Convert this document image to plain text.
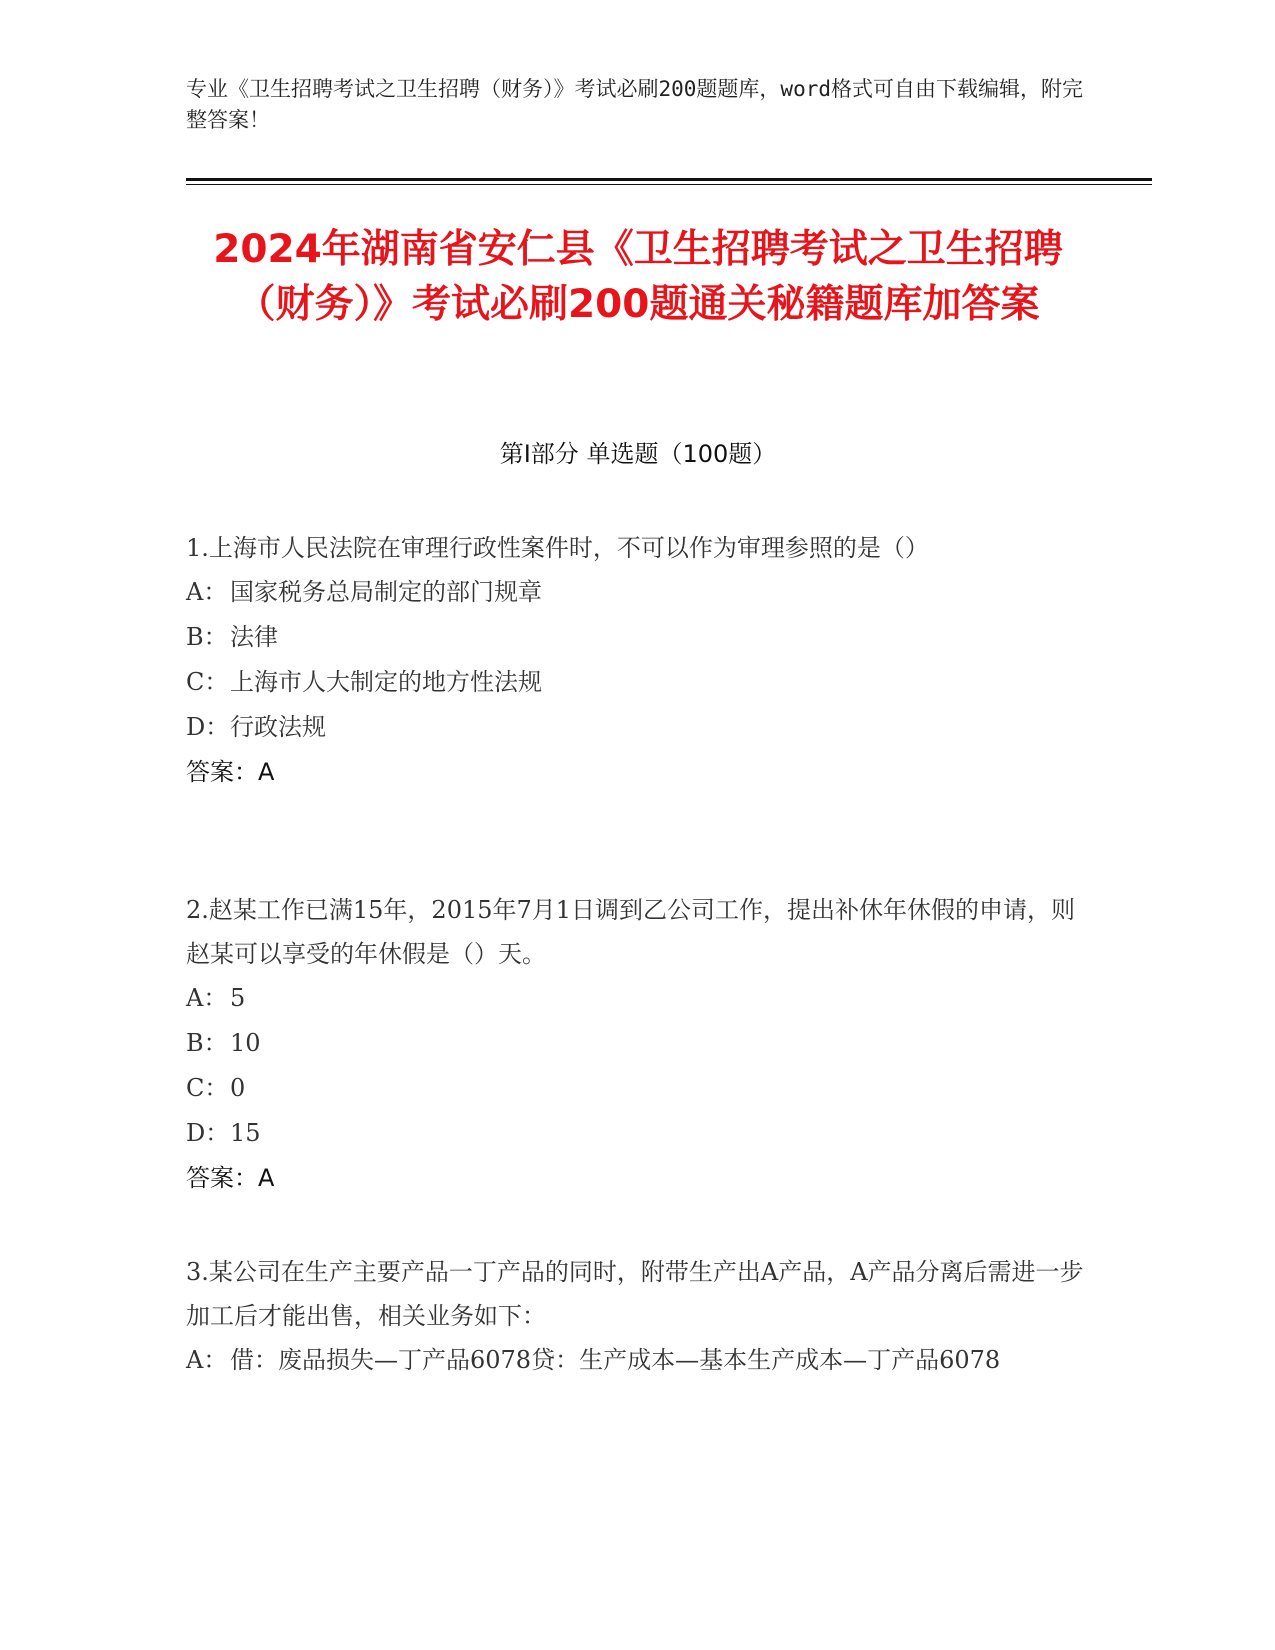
专业《卫生招聘考试之卫生招聘（财务）》考试必刷200题题库，word格式可自由下载编辑，附完整答案！
2024年湖南省安仁县《卫生招聘考试之卫生招聘（财务）》考试必刷200题通关秘籍题库加答案
第I部分 单选题（100题）
1.上海市人民法院在审理行政性案件时，不可以作为审理参照的是（）
A： 国家税务总局制定的部门规章
B：法律
C：上海市人大制定的地方性法规
D：行政法规
答案：A
2.赵某工作已满15年，2015年7月1日调到乙公司工作，提出补休年休假的申请，则赵某可以享受的年休假是（）天。
A： 5
B：10
C：0
D：15
答案：A
3.某公司在生产主要产品一丁产品的同时，附带生产出A产品，A产品分离后需进一步加工后才能出售，相关业务如下：
A： 借：废品损失—丁产品6078贷：生产成本—基本生产成本—丁产品6078
